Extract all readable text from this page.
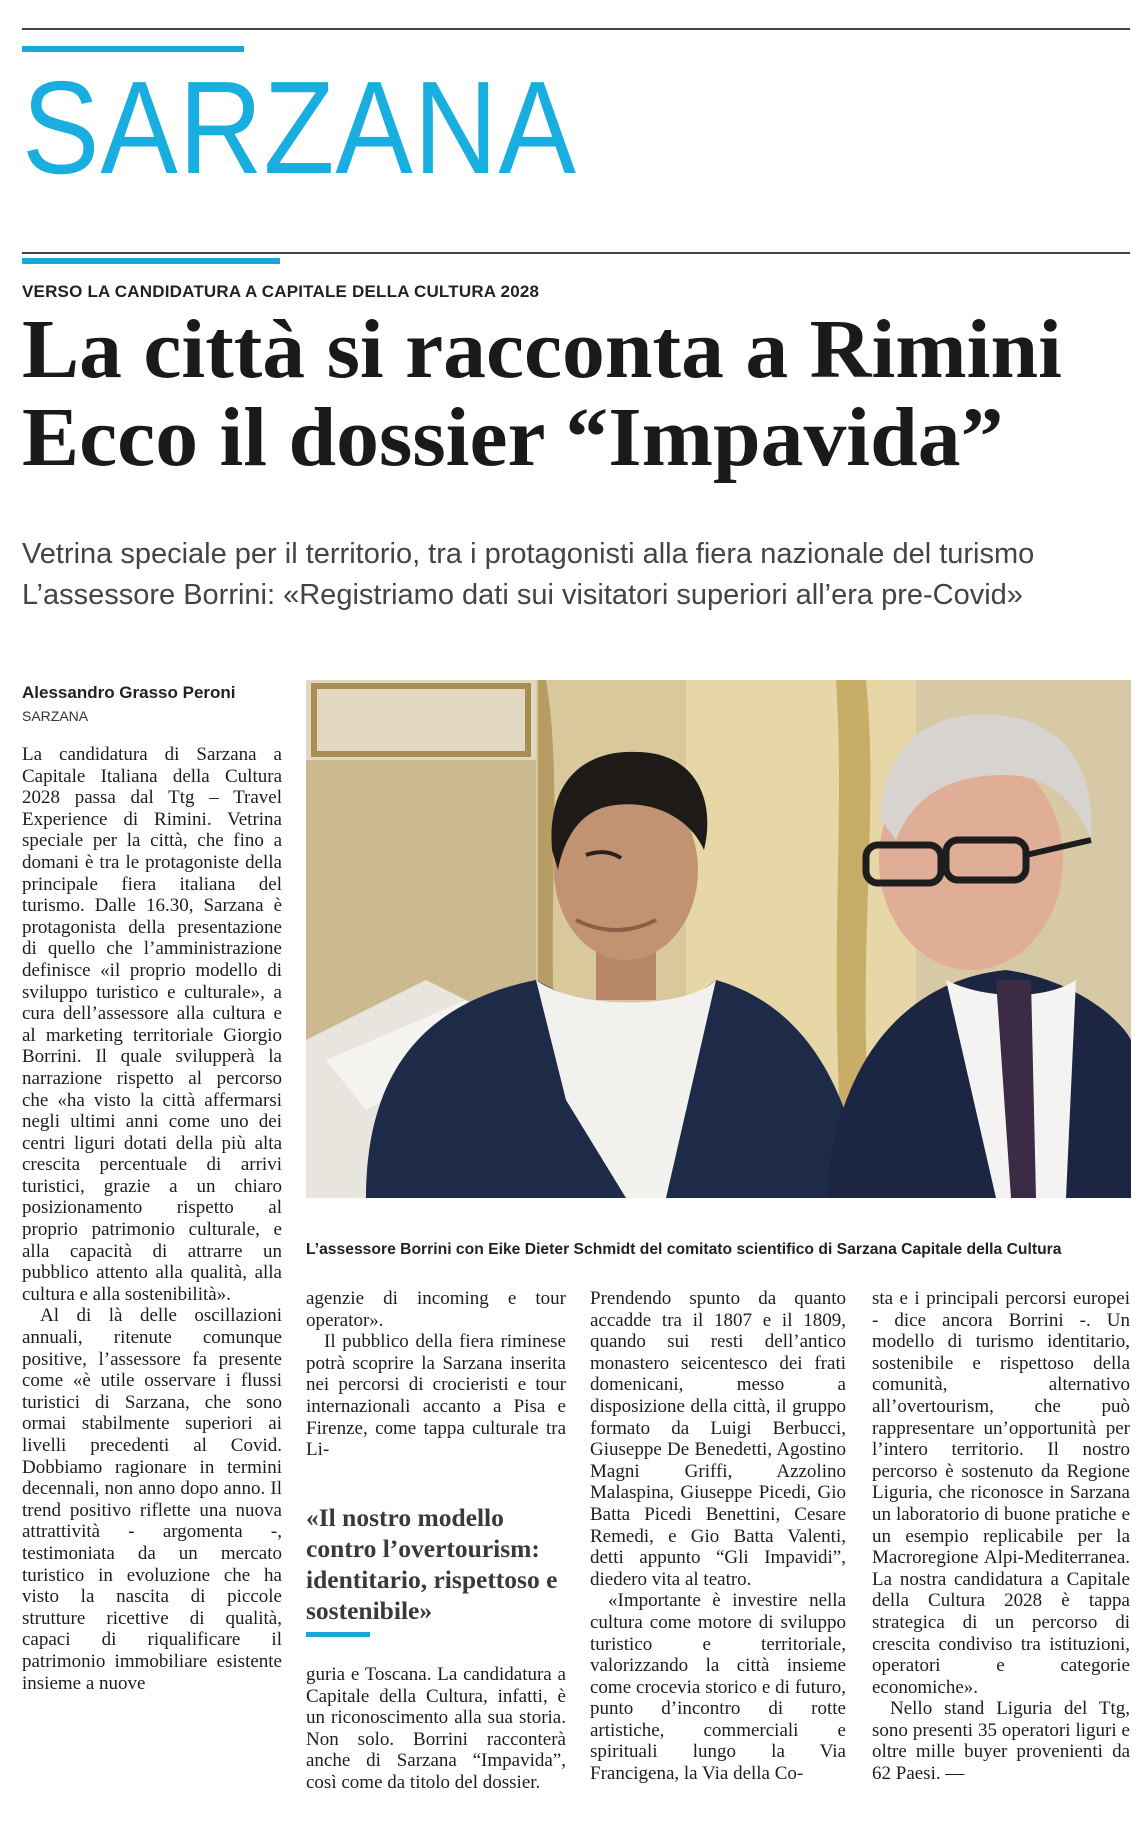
SARZANA
VERSO LA CANDIDATURA A CAPITALE DELLA CULTURA 2028
La città si racconta a Rimini
Ecco il dossier “Impavida”
Vetrina speciale per il territorio, tra i protagonisti alla fiera nazionale del turismo
L’assessore Borrini: «Registriamo dati sui visitatori superiori all’era pre-Covid»
Alessandro Grasso Peroni
SARZANA

La candidatura di Sarzana a Capitale Italiana della Cultura 2028 passa dal Ttg – Travel Experience di Rimini. Vetrina speciale per la città, che fino a domani è tra le protagoniste della principale fiera italiana del turismo. Dalle 16.30, Sarzana è protagonista della presentazione di quello che l’amministrazione definisce «il proprio modello di sviluppo turistico e culturale», a cura dell’assessore alla cultura e al marketing territoriale Giorgio Borrini. Il quale svilupperà la narrazione rispetto al percorso che «ha visto la città affermarsi negli ultimi anni come uno dei centri liguri dotati della più alta crescita percentuale di arrivi turistici, grazie a un chiaro posizionamento rispetto al proprio patrimonio culturale, e alla capacità di attrarre un pubblico attento alla qualità, alla cultura e alla sostenibilità».

Al di là delle oscillazioni annuali, ritenute comunque positive, l’assessore fa presente come «è utile osservare i flussi turistici di Sarzana, che sono ormai stabilmente superiori ai livelli precedenti al Covid. Dobbiamo ragionare in termini decennali, non anno dopo anno. Il trend positivo riflette una nuova attrattività - argomenta -, testimoniata da un mercato turistico in evoluzione che ha visto la nascita di piccole strutture ricettive di qualità, capaci di riqualificare il patrimonio immobiliare esistente insieme a nuove

L’assessore Borrini con Eike Dieter Schmidt del comitato scientifico di Sarzana Capitale della Cultura

agenzie di incoming e tour operator».

Il pubblico della fiera riminese potrà scoprire la Sarzana inserita nei percorsi di crocieristi e tour internazionali accanto a Pisa e Firenze, come tappa culturale tra Li-

«Il nostro modello contro l’overtourism: identitario, rispettoso e sostenibile»

guria e Toscana. La candidatura a Capitale della Cultura, infatti, è un riconoscimento alla sua storia. Non solo. Borrini racconterà anche di Sarzana “Impavida”, così come da titolo del dossier.

Prendendo spunto da quanto accadde tra il 1807 e il 1809, quando sui resti dell’antico monastero seicentesco dei frati domenicani, messo a disposizione della città, il gruppo formato da Luigi Berbucci, Giuseppe De Benedetti, Agostino Magni Griffi, Azzolino Malaspina, Giuseppe Picedi, Gio Batta Picedi Benettini, Cesare Remedi, e Gio Batta Valenti, detti appunto “Gli Impavidi”, diedero vita al teatro.

«Importante è investire nella cultura come motore di sviluppo turistico e territoriale, valorizzando la città insieme come crocevia storico e di futuro, punto d’incontro di rotte artistiche, commerciali e spirituali lungo la Via Francigena, la Via della Co-

sta e i principali percorsi europei - dice ancora Borrini -. Un modello di turismo identitario, sostenibile e rispettoso della comunità, alternativo all’overtourism, che può rappresentare un’opportunità per l’intero territorio. Il nostro percorso è sostenuto da Regione Liguria, che riconosce in Sarzana un laboratorio di buone pratiche e un esempio replicabile per la Macroregione Alpi-Mediterranea. La nostra candidatura a Capitale della Cultura 2028 è tappa strategica di un percorso di crescita condiviso tra istituzioni, operatori e categorie economiche».

Nello stand Liguria del Ttg, sono presenti 35 operatori liguri e oltre mille buyer provenienti da 62 Paesi. —
